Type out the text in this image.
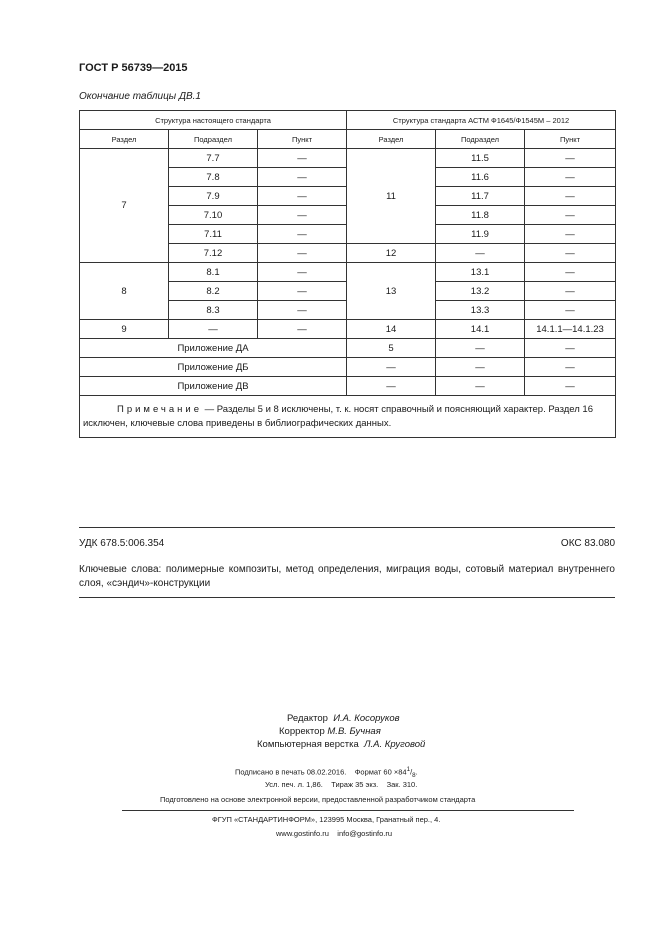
ГОСТ Р 56739—2015
Окончание таблицы ДВ.1
Структура настоящего стандарта			Структура стандарта АСТМ Ф1645/Ф1545М – 2012		
Раздел	Подраздел	Пункт	Раздел	Подраздел	Пункт
7	7.7	—	11	11.5	—
	7.8	—		11.6	—
	7.9	—		11.7	—
	7.10	—		11.8	—
	7.11	—		11.9	—
	7.12	—	12	—	—
8	8.1	—	13	13.1	—
	8.2	—		13.2	—
	8.3	—		13.3	—
9	—	—	14	14.1	14.1.1—14.1.23
Приложение ДА			5	—	—
Приложение ДБ			—	—	—
Приложение ДВ			—	—	—
Примечание — Разделы 5 и 8 исключены, т. к. носят справочный и поясняющий характер. Раздел 16 исключен, ключевые слова приведены в библиографических данных.					
УДК 678.5:006.354	ОКС 83.080
Ключевые слова: полимерные композиты, метод определения, миграция воды, сотовый материал внутреннего слоя, «сэндич»-конструкции
Редактор И.А. Косоруков
Корректор М.В. Бучная
Компьютерная верстка Л.А. Круговой
Подписано в печать 08.02.2016. Формат $60 \times 84^1/_8$.
Усл. печ. л. 1,86. Тираж 35 экз. Зак. 310.
Подготовлено на основе электронной версии, предоставленной разработчиком стандарта
ФГУП «СТАНДАРТИНФОРМ», 123995 Москва, Гранатный пер., 4.
www.gostinfo.ru info@gostinfo.ru
